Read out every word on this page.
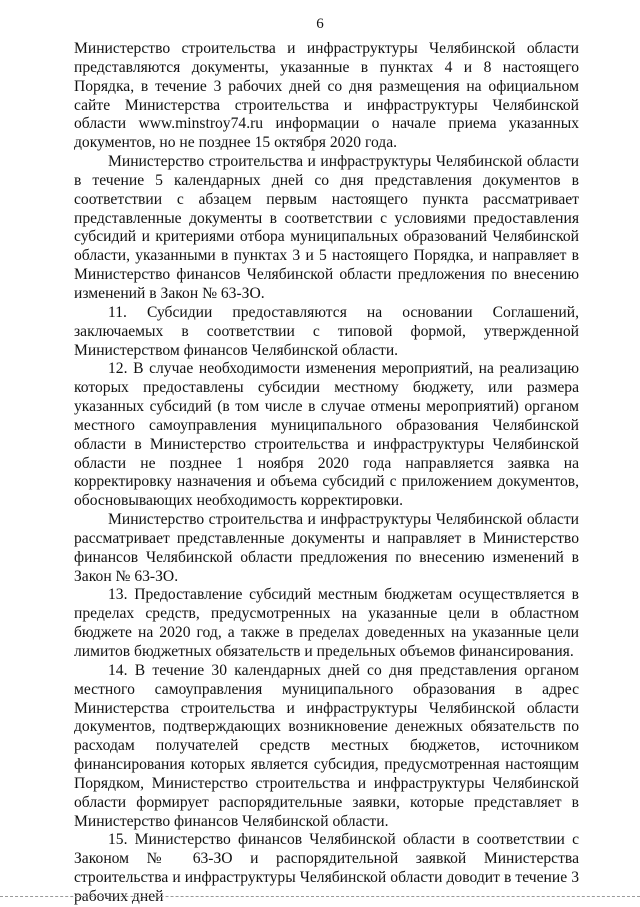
6

Министерство строительства и инфраструктуры Челябинской области представляются документы, указанные в пунктах 4 и 8 настоящего Порядка, в течение 3 рабочих дней со дня размещения на официальном сайте Министерства строительства и инфраструктуры Челябинской области www.minstroy74.ru информации о начале приема указанных документов, но не позднее 15 октября 2020 года.

Министерство строительства и инфраструктуры Челябинской области в течение 5 календарных дней со дня представления документов в соответствии с абзацем первым настоящего пункта рассматривает представленные документы в соответствии с условиями предоставления субсидий и критериями отбора муниципальных образований Челябинской области, указанными в пунктах 3 и 5 настоящего Порядка, и направляет в Министерство финансов Челябинской области предложения по внесению изменений в Закон № 63-ЗО.

11. Субсидии предоставляются на основании Соглашений, заключаемых в соответствии с типовой формой, утвержденной Министерством финансов Челябинской области.

12. В случае необходимости изменения мероприятий, на реализацию которых предоставлены субсидии местному бюджету, или размера указанных субсидий (в том числе в случае отмены мероприятий) органом местного самоуправления муниципального образования Челябинской области в Министерство строительства и инфраструктуры Челябинской области не позднее 1 ноября 2020 года направляется заявка на корректировку назначения и объема субсидий с приложением документов, обосновывающих необходимость корректировки.

Министерство строительства и инфраструктуры Челябинской области рассматривает представленные документы и направляет в Министерство финансов Челябинской области предложения по внесению изменений в Закон № 63-ЗО.

13. Предоставление субсидий местным бюджетам осуществляется в пределах средств, предусмотренных на указанные цели в областном бюджете на 2020 год, а также в пределах доведенных на указанные цели лимитов бюджетных обязательств и предельных объемов финансирования.

14. В течение 30 календарных дней со дня представления органом местного самоуправления муниципального образования в адрес Министерства строительства и инфраструктуры Челябинской области документов, подтверждающих возникновение денежных обязательств по расходам получателей средств местных бюджетов, источником финансирования которых является субсидия, предусмотренная настоящим Порядком, Министерство строительства и инфраструктуры Челябинской области формирует распорядительные заявки, которые представляет в Министерство финансов Челябинской области.

15. Министерство финансов Челябинской области в соответствии с Законом № 63-ЗО и распорядительной заявкой Министерства строительства и инфраструктуры Челябинской области доводит в течение 3 рабочих дней
